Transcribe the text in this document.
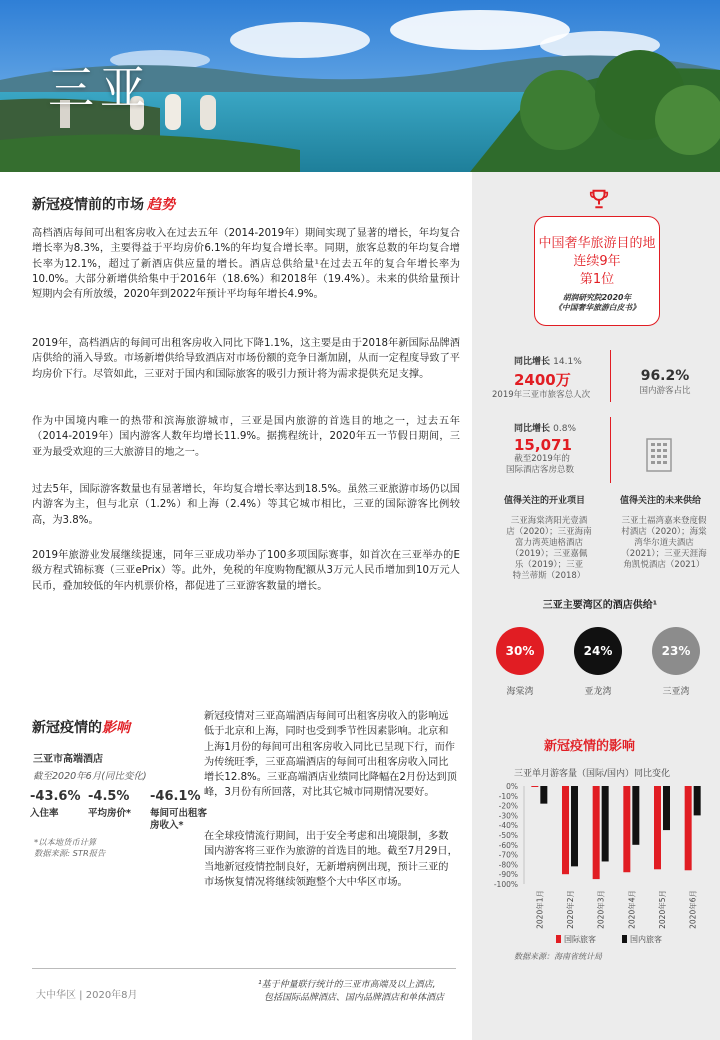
三亚
新冠疫情前的市场 趋势
高档酒店每间可出租客房收入在过去五年（2014-2019年）期间实现了显著的增长，年均复合增长率为8.3%，主要得益于平均房价6.1%的年均复合增长率。同期，旅客总数的年均复合增长率为12.1%，超过了新酒店供应量的增长。酒店总供给量¹在过去五年的复合年增长率为10.0%。大部分新增供给集中于2016年（18.6%）和2018年（19.4%）。未来的供给量预计短期内会有所放缓，2020年到2022年预计平均每年增长4.9%。
2019年，高档酒店的每间可出租客房收入同比下降1.1%，这主要是由于2018年新国际品牌酒店供给的涌入导致。市场新增供给导致酒店对市场份额的竞争日渐加剧，从而一定程度导致了平均房价下行。尽管如此，三亚对于国内和国际旅客的吸引力预计将为需求提供充足支撑。
作为中国境内唯一的热带和滨海旅游城市，三亚是国内旅游的首选目的地之一，过去五年（2014-2019年）国内游客人数年均增长11.9%。据携程统计，2020年五一节假日期间，三亚为最受欢迎的三大旅游目的地之一。
过去5年，国际游客数量也有显著增长，年均复合增长率达到18.5%。虽然三亚旅游市场仍以国内游客为主，但与北京（1.2%）和上海（2.4%）等其它城市相比，三亚的国际游客比例较高，为3.8%。
2019年旅游业发展继续提速，同年三亚成功举办了100多项国际赛事，如首次在三亚举办的E级方程式锦标赛（三亚ePrix）等。此外，免税的年度购物配额从3万元人民币增加到10万元人民币，叠加较低的年内机票价格，都促进了三亚游客数量的增长。
新冠疫情的影响
三亚市高端酒店
截至2020年6月(同比变化)
-43.6%
入住率
-4.5%
平均房价*
-46.1%
每间可出租客房收入*
*以本地货币计算
数据来源: STR报告
新冠疫情对三亚高端酒店每间可出租客房收入的影响远低于北京和上海，同时也受到季节性因素影响。北京和上海1月份的每间可出租客房收入同比已呈现下行，而作为传统旺季，三亚高端酒店的每间可出租客房收入同比增长12.8%。三亚高端酒店业绩同比降幅在2月份达到顶峰，3月份有所回落，对比其它城市同期情况要好。
在全球疫情流行期间，出于安全考虑和出境限制，多数国内游客将三亚作为旅游的首选目的地。截至7月29日，当地新冠疫情控制良好，无新增病例出现，预计三亚的市场恢复情况将继续领跑整个大中华区市场。
大中华区 | 2020年8月
¹基于仲量联行统计的三亚市高端及以上酒店,
包括国际品牌酒店、国内品牌酒店和单体酒店
中国奢华旅游目的地
连续9年
第1位
胡润研究院2020年
《中国奢华旅游白皮书》
同比增长 14.1%
2400万
2019年三亚市旅客总人次
96.2%
国内游客占比
同比增长 0.8%
15,071
截至2019年的
国际酒店客房总数
值得关注的开业项目
三亚海棠湾阳光壹酒
店（2020）；三亚海南
富力湾英迪格酒店
（2019）；三亚嘉佩
乐（2019）；三亚
特兰蒂斯（2018）
值得关注的未来供给
三亚土福湾嘉来登度假
村酒店（2020）；海棠
湾华尔道夫酒店
（2021）；三亚天涯海
角凯悦酒店（2021）
三亚主要湾区的酒店供给¹
30%
海棠湾
24%
亚龙湾
23%
三亚湾
新冠疫情的影响
三亚单月游客量（国际/国内）同比变化
0%
-10%
-20%
-30%
-40%
-50%
-60%
-70%
-80%
-90%
-100%
2020年1月	2020年2月	2020年3月	2020年4月	2020年5月	2020年6月
国际旅客	国内旅客
数据来源：海南省统计局
